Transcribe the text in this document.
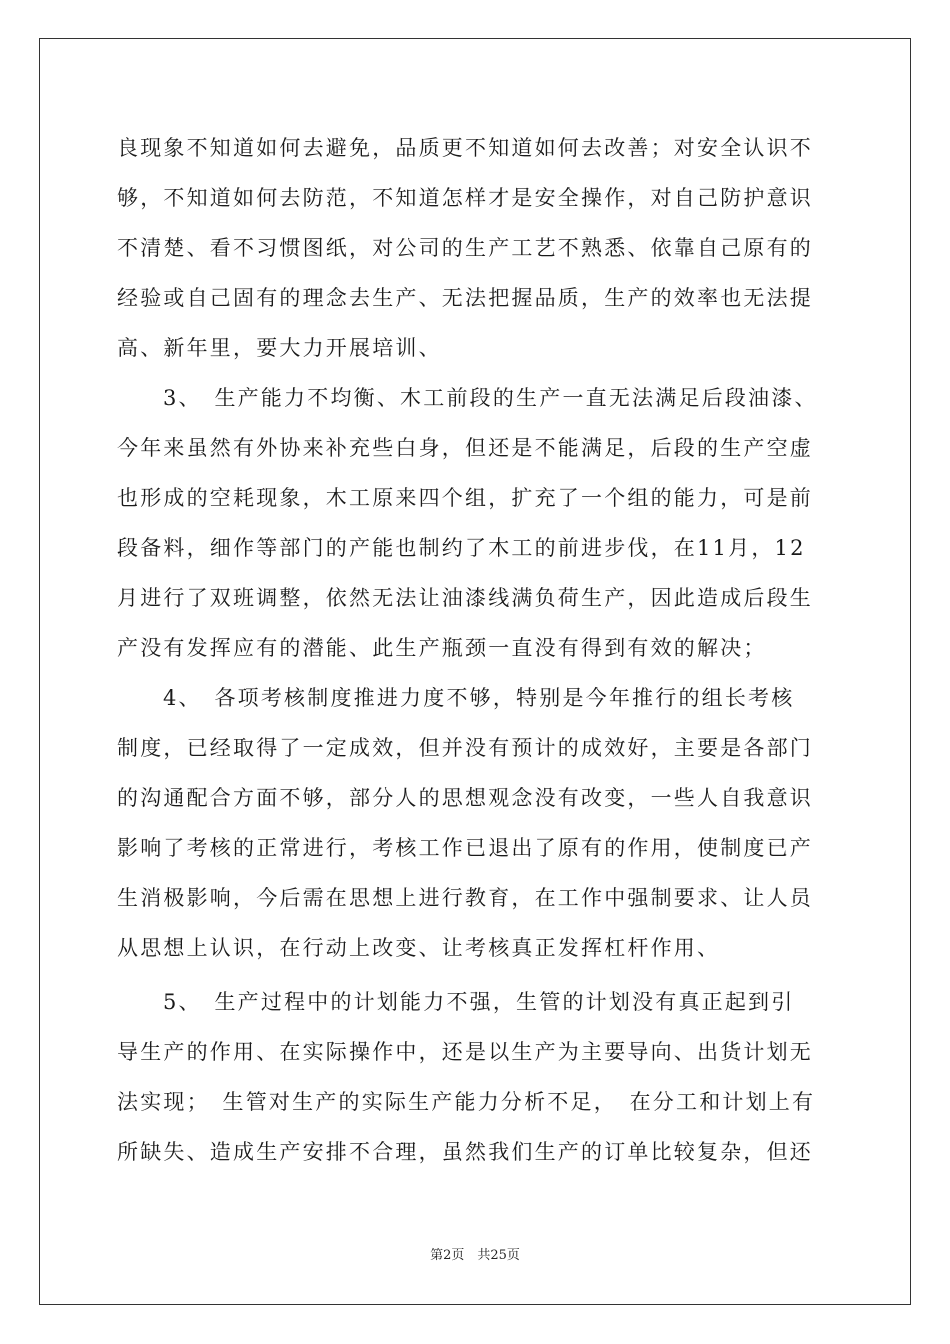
良现象不知道如何去避免，品质更不知道如何去改善；对安全认识不
够，不知道如何去防范，不知道怎样才是安全操作，对自己防护意识
不清楚、看不习惯图纸，对公司的生产工艺不熟悉、依靠自己原有的
经验或自己固有的理念去生产、无法把握品质，生产的效率也无法提
高、新年里，要大力开展培训、
3、　生产能力不均衡、木工前段的生产一直无法满足后段油漆、
今年来虽然有外协来补充些白身，但还是不能满足，后段的生产空虚
也形成的空耗现象，木工原来四个组，扩充了一个组的能力，可是前
段备料，细作等部门的产能也制约了木工的前进步伐，在11月，12
月进行了双班调整，依然无法让油漆线满负荷生产，因此造成后段生
产没有发挥应有的潜能、此生产瓶颈一直没有得到有效的解决；
4、　各项考核制度推进力度不够，特别是今年推行的组长考核
制度，已经取得了一定成效，但并没有预计的成效好，主要是各部门
的沟通配合方面不够，部分人的思想观念没有改变，一些人自我意识
影响了考核的正常进行，考核工作已退出了原有的作用，使制度已产
生消极影响，今后需在思想上进行教育，在工作中强制要求、让人员
从思想上认识，在行动上改变、让考核真正发挥杠杆作用、
5、　生产过程中的计划能力不强，生管的计划没有真正起到引
导生产的作用、在实际操作中，还是以生产为主要导向、出货计划无
法实现；　生管对生产的实际生产能力分析不足，　在分工和计划上有
所缺失、造成生产安排不合理，虽然我们生产的订单比较复杂，但还
第2页　共25页
